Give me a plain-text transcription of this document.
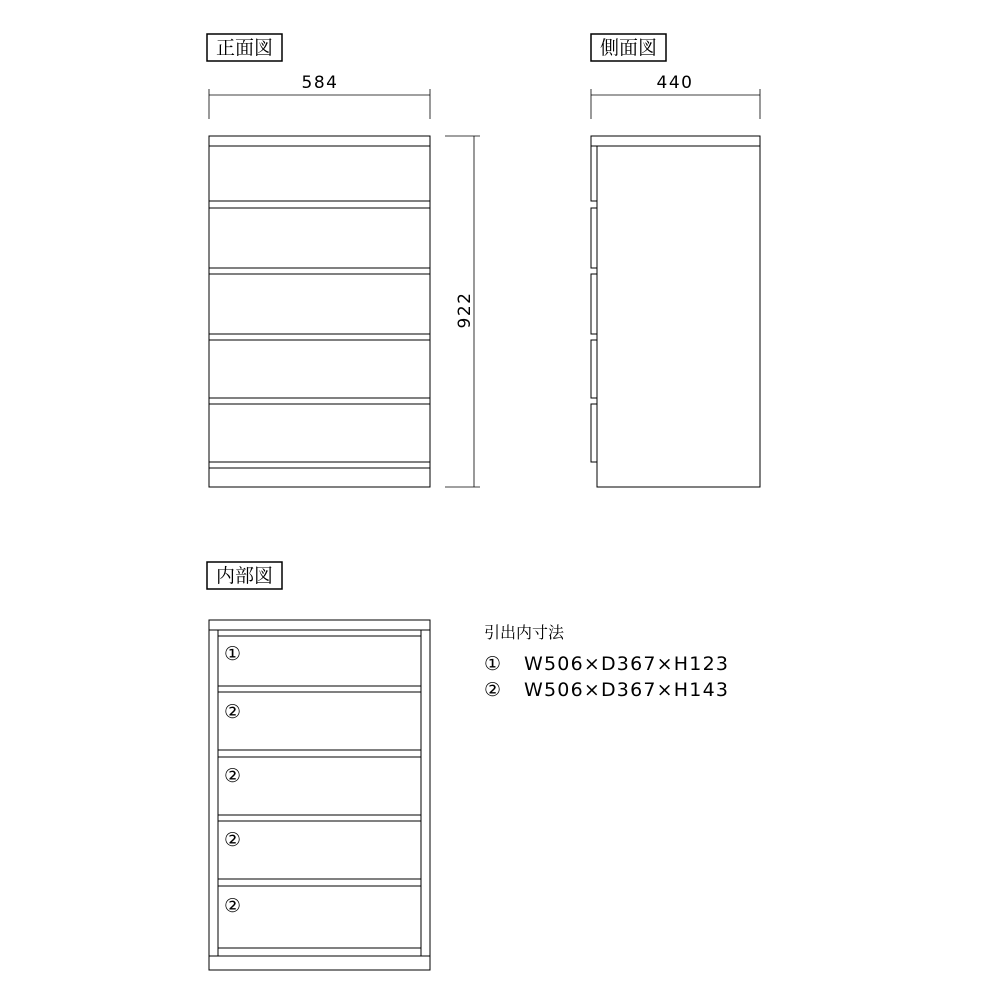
正面図
584
922
側面図
440
内部図
①
②
②
②
②
引出内寸法
① W506×D367×H123
② W506×D367×H143
